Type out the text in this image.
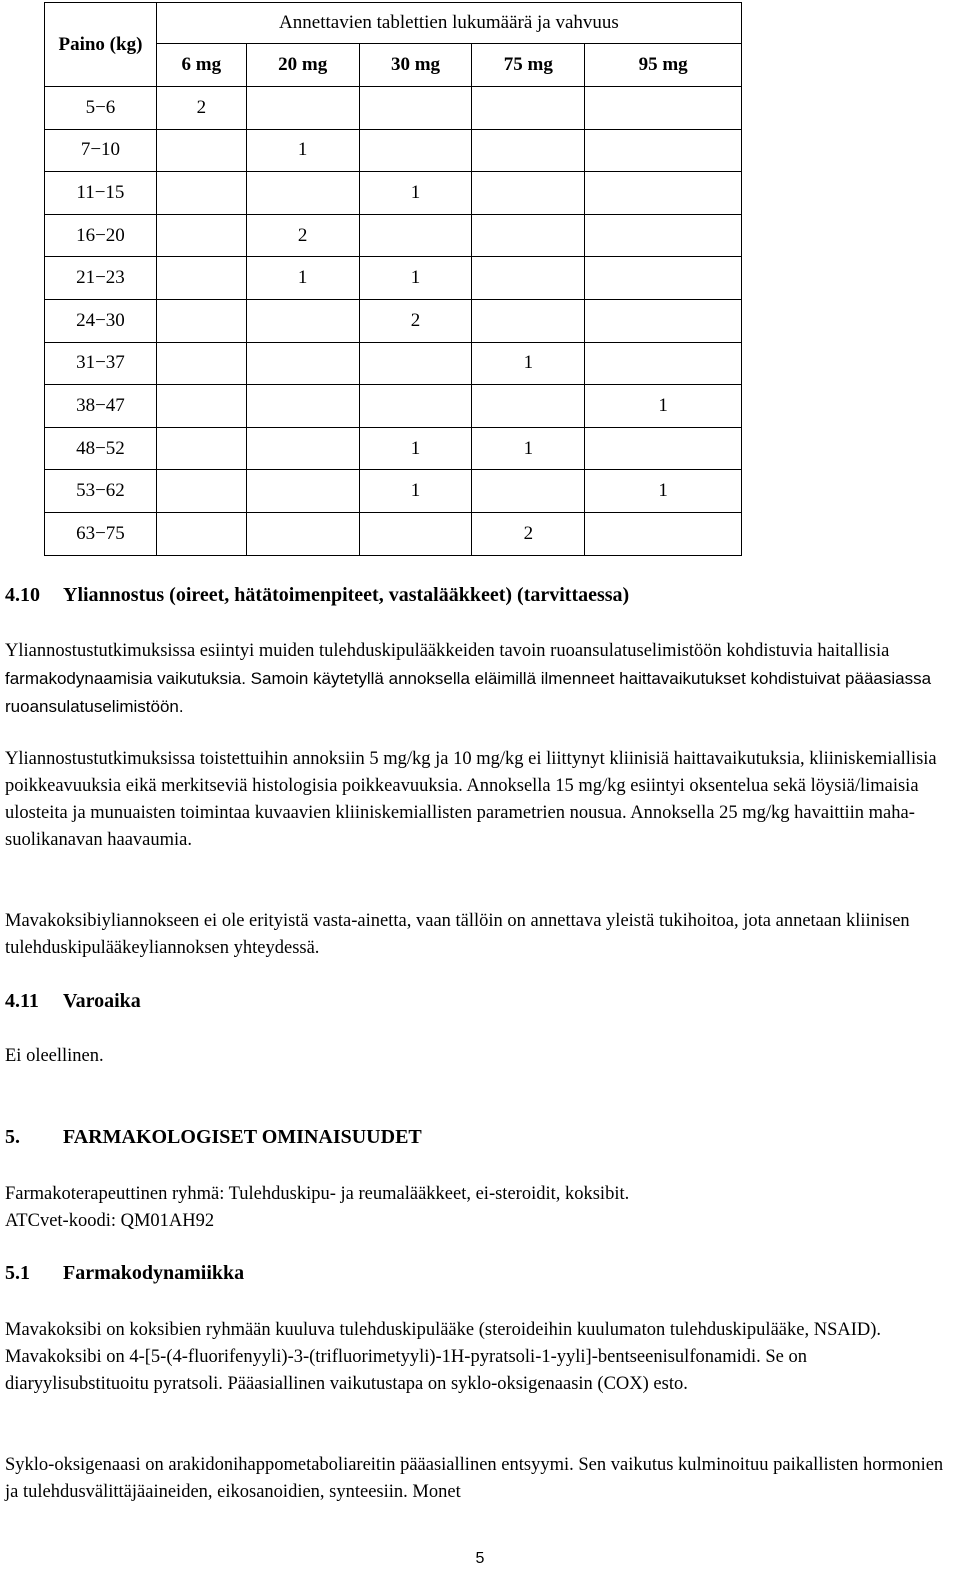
Paino (kg)	Annettavien tablettien lukumäärä ja vahvuus				
	6 mg	20 mg	30 mg	75 mg	95 mg
5−6	2				
7−10		1			
11−15			1		
16−20		2			
21−23		1	1		
24−30			2		
31−37				1	
38−47					1
48−52			1	1	
53−62			1		1
63−75				2	
4.10 Yliannostus (oireet, hätätoimenpiteet, vastalääkkeet) (tarvittaessa)
Yliannostustutkimuksissa esiintyi muiden tulehduskipulääkkeiden tavoin ruoansulatuselimistöön kohdistuvia haitallisia farmakodynaamisia vaikutuksia. Samoin käytetyllä annoksella eläimillä ilmenneet haittavaikutukset kohdistuivat pääasiassa ruoansulatuselimistöön.
Yliannostustutkimuksissa toistettuihin annoksiin 5 mg/kg ja 10 mg/kg ei liittynyt kliinisiä haittavaikutuksia, kliiniskemiallisia poikkeavuuksia eikä merkitseviä histologisia poikkeavuuksia. Annoksella 15 mg/kg esiintyi oksentelua sekä löysiä/limaisia ulosteita ja munuaisten toimintaa kuvaavien kliiniskemiallisten parametrien nousua. Annoksella 25 mg/kg havaittiin maha-suolikanavan haavaumia.
Mavakoksibiyliannokseen ei ole erityistä vasta-ainetta, vaan tällöin on annettava yleistä tukihoitoa, jota annetaan kliinisen tulehduskipulääkeyliannoksen yhteydessä.
4.11 Varoaika
Ei oleellinen.
5. FARMAKOLOGISET OMINAISUUDET
Farmakoterapeuttinen ryhmä: Tulehduskipu- ja reumalääkkeet, ei-steroidit, koksibit.
ATCvet-koodi: QM01AH92
5.1 Farmakodynamiikka
Mavakoksibi on koksibien ryhmään kuuluva tulehduskipulääke (steroideihin kuulumaton tulehduskipulääke, NSAID). Mavakoksibi on 4-[5-(4-fluorifenyyli)-3-(trifluorimetyyli)-1H-pyratsoli-1-yyli]-bentseenisulfonamidi. Se on diaryylisubstituoitu pyratsoli. Pääasiallinen vaikutustapa on syklo-oksigenaasin (COX) esto.
Syklo-oksigenaasi on arakidonihappometaboliareitin pääasiallinen entsyymi. Sen vaikutus kulminoituu paikallisten hormonien ja tulehdusvälittäjäaineiden, eikosanoidien, synteesiin. Monet
5
